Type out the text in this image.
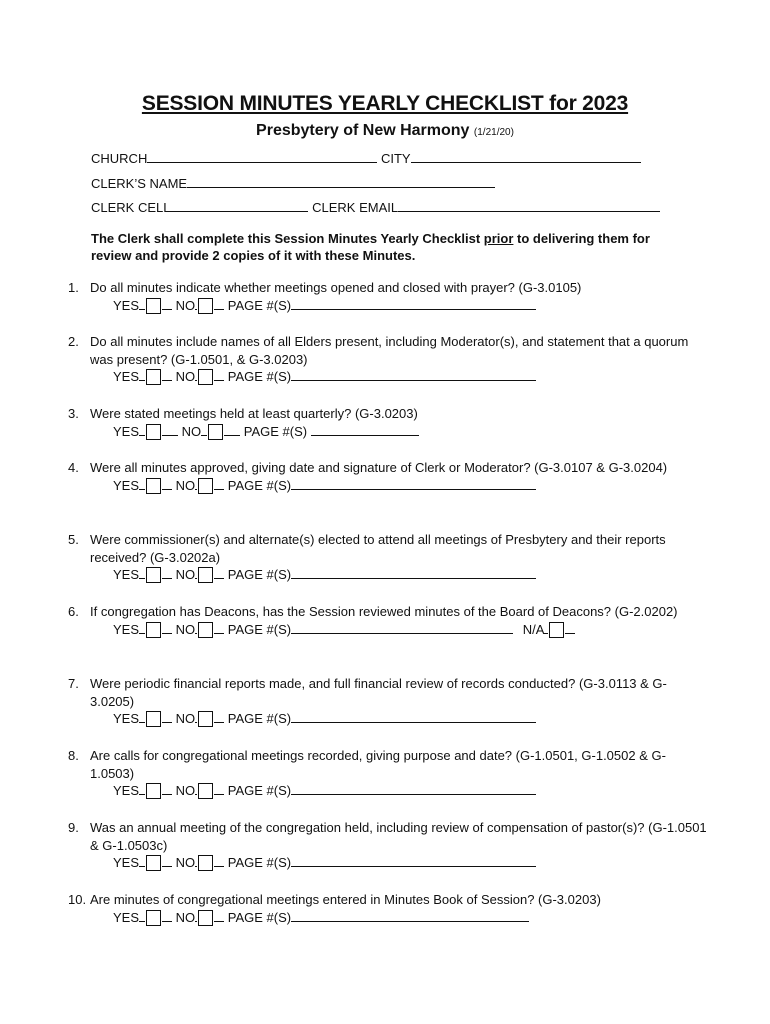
SESSION MINUTES YEARLY CHECKLIST for 2023
Presbytery of New Harmony (1/21/20)
CHURCH	CITY
CLERK’S NAME
CLERK CELL	CLERK EMAIL
The Clerk shall complete this Session Minutes Yearly Checklist prior to delivering them for review and provide 2 copies of it with these Minutes.
1. Do all minutes indicate whether meetings opened and closed with prayer? (G-3.0105)
YES	NO	PAGE #(S)
2. Do all minutes include names of all Elders present, including Moderator(s), and statement that a quorum was present? (G-1.0501, & G-3.0203)
YES	NO	PAGE #(S)
3. Were stated meetings held at least quarterly? (G-3.0203)
YES	NO	PAGE #(S)
4. Were all minutes approved, giving date and signature of Clerk or Moderator? (G-3.0107 & G-3.0204)
YES	NO	PAGE #(S)
5. Were commissioner(s) and alternate(s) elected to attend all meetings of Presbytery and their reports received? (G-3.0202a)
YES	NO	PAGE #(S)
6. If congregation has Deacons, has the Session reviewed minutes of the Board of Deacons? (G-2.0202)
YES	NO	PAGE #(S)	N/A
7. Were periodic financial reports made, and full financial review of records conducted? (G-3.0113 & G-3.0205)
YES	NO	PAGE #(S)
8. Are calls for congregational meetings recorded, giving purpose and date? (G-1.0501, G-1.0502 & G-1.0503)
YES	NO	PAGE #(S)
9. Was an annual meeting of the congregation held, including review of compensation of pastor(s)? (G-1.0501 & G-1.0503c)
YES	NO	PAGE #(S)
10. Are minutes of congregational meetings entered in Minutes Book of Session? (G-3.0203)
YES	NO	PAGE #(S)
